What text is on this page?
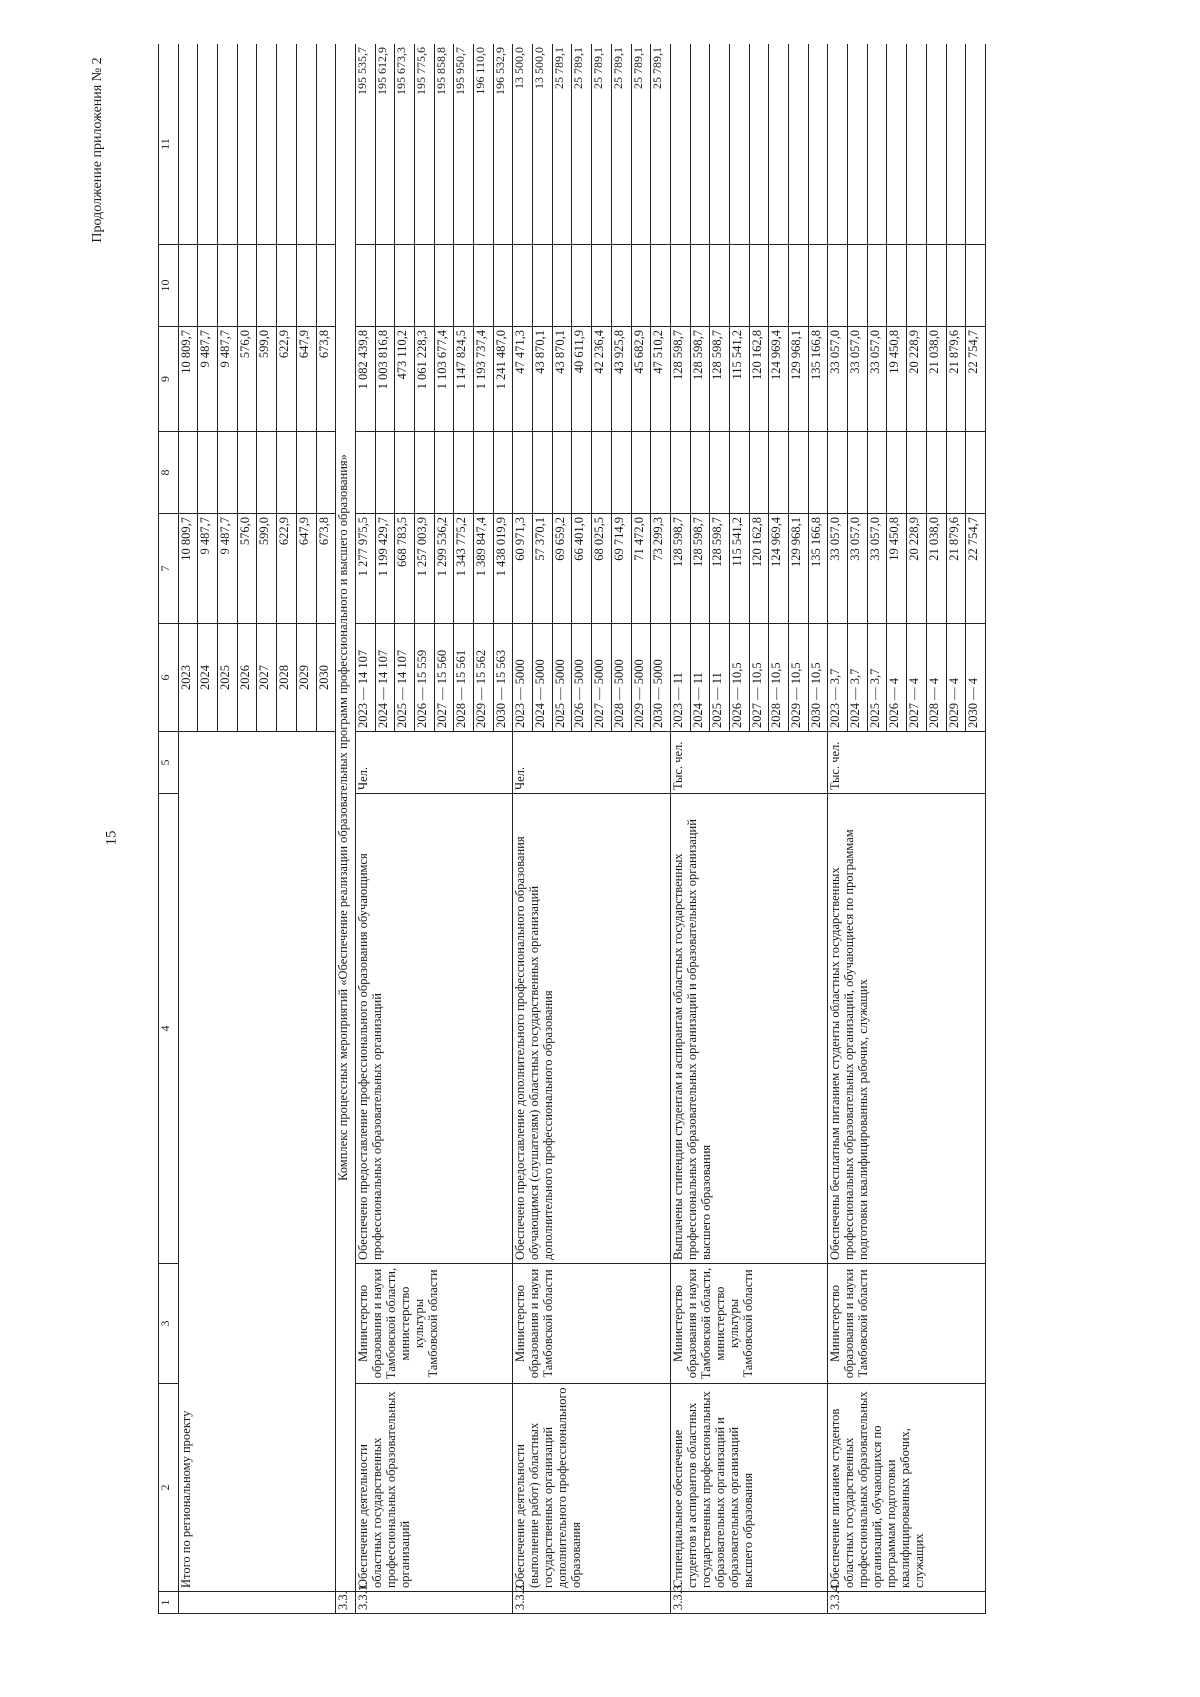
15
Продолжение приложения № 2
1	2	3	4	5	6	7	8	9	10	11
	Итого по региональному проекту				2023	10 809,7		10 809,7		
					2024	9 487,7		9 487,7		
					2025	9 487,7		9 487,7		
					2026	576,0		576,0		
					2027	599,0		599,0		
					2028	622,9		622,9		
					2029	647,9		647,9		
					2030	673,8		673,8		
3.3.	Комплекс процессных мероприятий «Обеспечение реализации образовательных программ профессионального и высшего образования»									
3.3.1.	Обеспечение деятельности областных государственных профессиональных образовательных организаций	Министерство образования и науки Тамбовской области, министерство культуры Тамбовской области	Обеспечено предоставление профессионального образования обучающимся профессиональных образовательных организаций	Чел.	2023 — 14 107	1 277 975,5		1 082 439,8		195 535,7
					2024 — 14 107	1 199 429,7		1 003 816,8		195 612,9
					2025 — 14 107	668 783,5		473 110,2		195 673,3
					2026 — 15 559	1 257 003,9		1 061 228,3		195 775,6
					2027 — 15 560	1 299 536,2		1 103 677,4		195 858,8
					2028 — 15 561	1 343 775,2		1 147 824,5		195 950,7
					2029 — 15 562	1 389 847,4		1 193 737,4		196 110,0
					2030 — 15 563	1 438 019,9		1 241 487,0		196 532,9
3.3.2.	Обеспечение деятельности (выполнение работ) областных государственных организаций дополнительного профессионального образования	Министерство образования и науки Тамбовской области	Обеспечено предоставление дополнительного профессионального образования обучающимся (слушателям) областных государственных организаций дополнительного профессионального образования	Чел.	2023 — 5000	60 971,3		47 471,3		13 500,0
					2024 — 5000	57 370,1		43 870,1		13 500,0
					2025 — 5000	69 659,2		43 870,1		25 789,1
					2026 — 5000	66 401,0		40 611,9		25 789,1
					2027 — 5000	68 025,5		42 236,4		25 789,1
					2028 — 5000	69 714,9		43 925,8		25 789,1
					2029 — 5000	71 472,0		45 682,9		25 789,1
					2030 — 5000	73 299,3		47 510,2		25 789,1
3.3.3.	Стипендиальное обеспечение студентов и аспирантов областных государственных профессиональных образовательных организаций и образовательных организаций высшего образования	Министерство образования и науки Тамбовской области, министерство культуры Тамбовской области	Выплачены стипендии студентам и аспирантам областных государственных профессиональных образовательных организаций и образовательных организаций высшего образования	Тыс. чел.	2023 — 11	128 598,7		128 598,7		
					2024 — 11	128 598,7		128 598,7		
					2025 — 11	128 598,7		128 598,7		
					2026 — 10,5	115 541,2		115 541,2		
					2027 — 10,5	120 162,8		120 162,8		
					2028 — 10,5	124 969,4		124 969,4		
					2029 — 10,5	129 968,1		129 968,1		
					2030 — 10,5	135 166,8		135 166,8		
3.3.4.	Обеспечение питанием студентов областных государственных профессиональных образовательных организаций, обучающихся по программам подготовки квалифицированных рабочих, служащих	Министерство образования и науки Тамбовской области	Обеспечены бесплатным питанием студенты областных государственных профессиональных образовательных организаций, обучающиеся по программам подготовки квалифицированных рабочих, служащих	Тыс. чел.	2023 — 3,7	33 057,0		33 057,0		
					2024 — 3,7	33 057,0		33 057,0		
					2025 — 3,7	33 057,0		33 057,0		
					2026 — 4	19 450,8		19 450,8		
					2027 — 4	20 228,9		20 228,9		
					2028 — 4	21 038,0		21 038,0		
					2029 — 4	21 879,6		21 879,6		
					2030 — 4	22 754,7		22 754,7		
